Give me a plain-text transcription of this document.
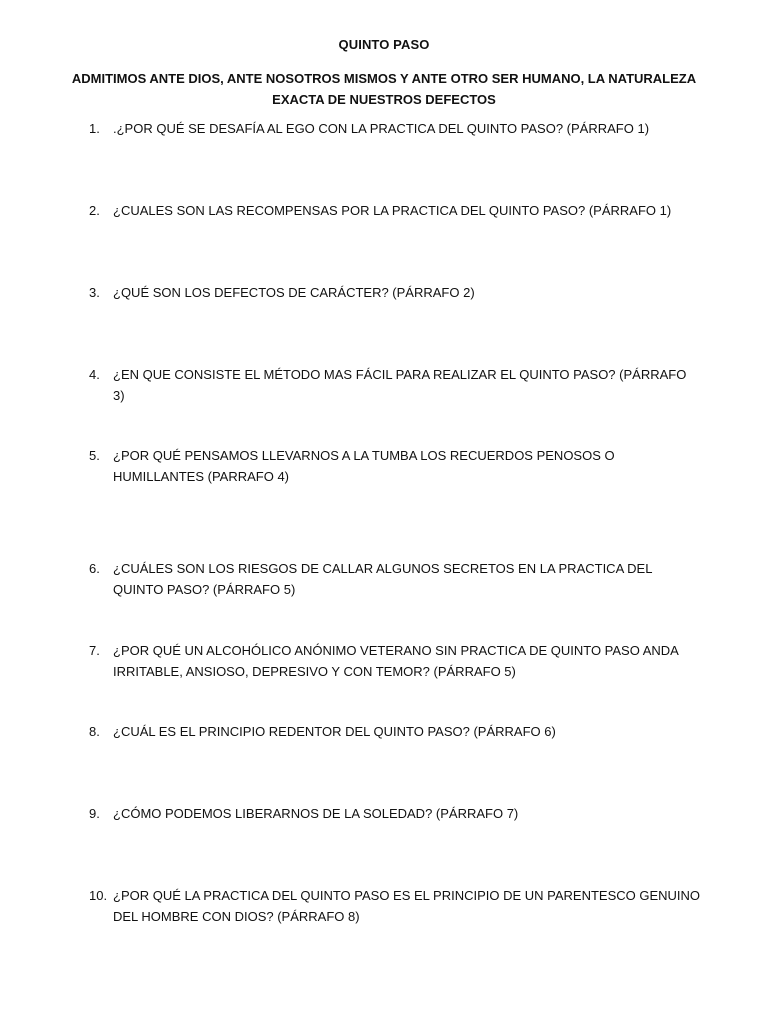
QUINTO PASO
ADMITIMOS ANTE DIOS, ANTE NOSOTROS MISMOS Y ANTE OTRO SER HUMANO, LA NATURALEZA EXACTA DE NUESTROS DEFECTOS
1.	.¿POR QUÉ SE DESAFÍA AL EGO CON LA PRACTICA DEL QUINTO PASO? (PÁRRAFO 1)
2.	¿CUALES SON LAS RECOMPENSAS POR LA PRACTICA DEL QUINTO PASO? (PÁRRAFO 1)
3.	¿QUÉ SON LOS DEFECTOS DE CARÁCTER? (PÁRRAFO 2)
4.	¿EN QUE CONSISTE EL MÉTODO MAS FÁCIL PARA REALIZAR EL QUINTO PASO? (PÁRRAFO 3)
5.	¿POR QUÉ PENSAMOS LLEVARNOS A LA TUMBA LOS RECUERDOS PENOSOS O HUMILLANTES (PARRAFO 4)
6.	¿CUÁLES SON LOS RIESGOS DE CALLAR ALGUNOS SECRETOS EN LA PRACTICA DEL QUINTO PASO? (PÁRRAFO 5)
7.	¿POR QUÉ UN ALCOHÓLICO ANÓNIMO VETERANO SIN PRACTICA DE QUINTO PASO ANDA IRRITABLE, ANSIOSO, DEPRESIVO Y CON TEMOR? (PÁRRAFO 5)
8.	¿CUÁL ES EL PRINCIPIO REDENTOR DEL QUINTO PASO? (PÁRRAFO 6)
9.	¿CÓMO PODEMOS LIBERARNOS DE LA SOLEDAD? (PÁRRAFO 7)
10. ¿POR QUÉ LA PRACTICA DEL QUINTO PASO ES EL PRINCIPIO DE UN PARENTESCO GENUINO DEL HOMBRE CON DIOS? (PÁRRAFO 8)
